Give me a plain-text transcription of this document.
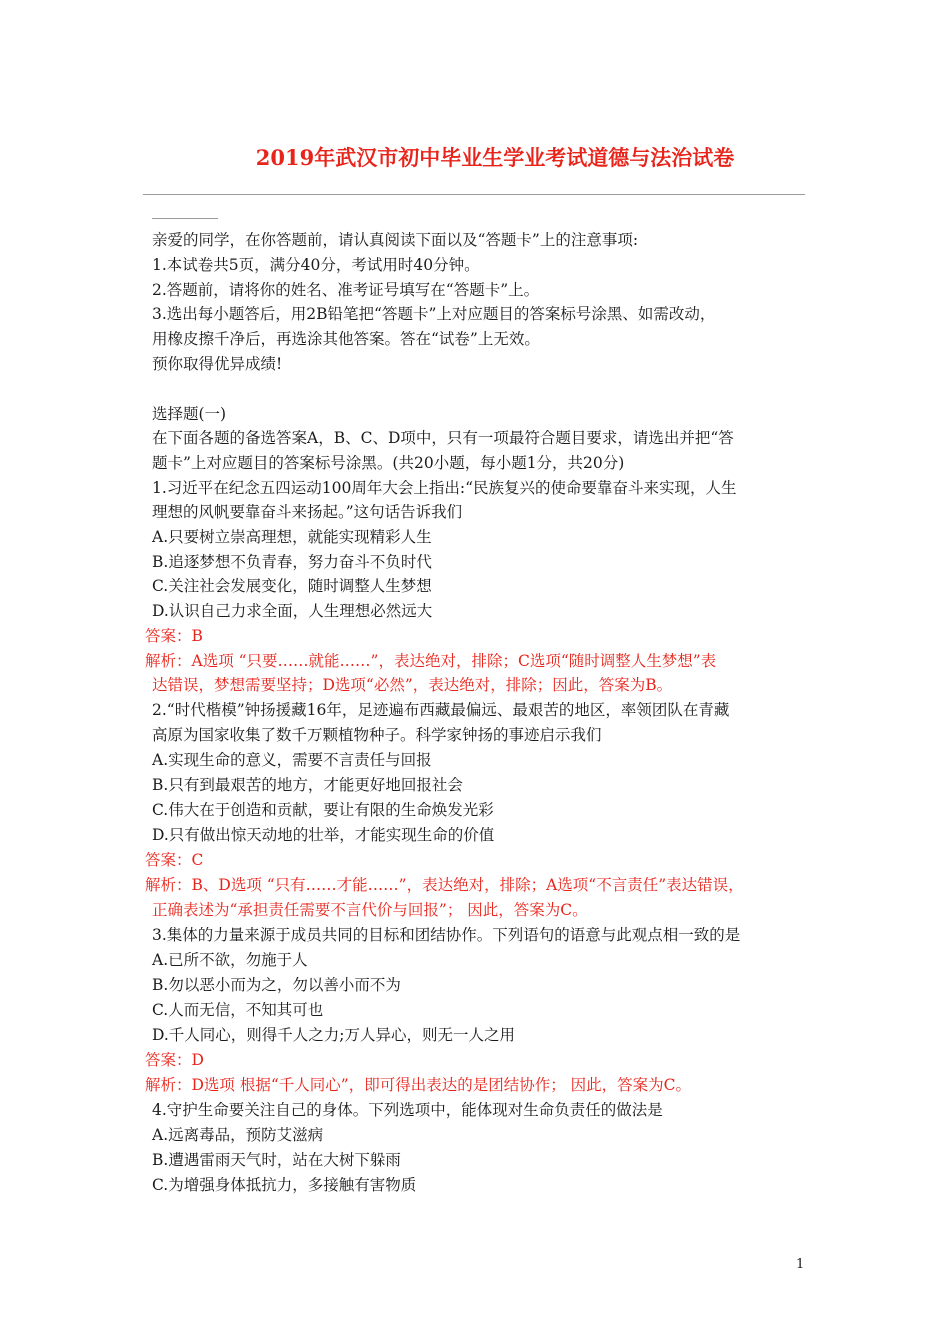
2019年武汉市初中毕业生学业考试道德与法治试卷
亲爱的同学，在你答题前，请认真阅读下面以及“答题卡”上的注意事项:
1.本试卷共5页，满分40分，考试用时40分钟。
2.答题前，请将你的姓名、准考证号填写在“答题卡”上。
3.选出每小题答后，用2B铅笔把“答题卡”上对应题目的答案标号涂黑、如需改动，
用橡皮擦千净后，再选涂其他答案。答在“试卷”上无效。
预你取得优异成绩!
选择题(一)
在下面各题的备选答案A，B、C、D项中，只有一项最符合题目要求，请选出并把“答
题卡”上对应题目的答案标号涂黑。(共20小题，每小题1分，共20分)
1.习近平在纪念五四运动100周年大会上指出:“民族复兴的使命要靠奋斗来实现，人生
理想的风帆要靠奋斗来扬起。”这句话告诉我们
A.只要树立崇高理想，就能实现精彩人生
B.追逐梦想不负青春，努力奋斗不负时代
C.关注社会发展变化，随时调整人生梦想
D.认识自己力求全面，人生理想必然远大
答案：B
解析：A选项 “只要……就能……”，表达绝对，排除；C选项“随时调整人生梦想”表
达错误，梦想需要坚持；D选项“必然”，表达绝对，排除；因此，答案为B。
2.“时代楷模”钟扬援藏16年，足迹遍布西藏最偏远、最艰苦的地区，率领团队在青藏
高原为国家收集了数千万颗植物种子。科学家钟扬的事迹启示我们
A.实现生命的意义，需要不言责任与回报
B.只有到最艰苦的地方，才能更好地回报社会
C.伟大在于创造和贡献，要让有限的生命焕发光彩
D.只有做出惊天动地的壮举，才能实现生命的价值
答案：C
解析：B、D选项 “只有……才能……”，表达绝对，排除；A选项“不言责任”表达错误，
正确表述为“承担责任需要不言代价与回报”； 因此，答案为C。
3.集体的力量来源于成员共同的目标和团结协作。下列语句的语意与此观点相一致的是
A.已所不欲，勿施于人
B.勿以恶小而为之，勿以善小而不为
C.人而无信，不知其可也
D.千人同心，则得千人之力;万人异心，则无一人之用
答案：D
解析：D选项 根据“千人同心”，即可得出表达的是团结协作； 因此，答案为C。
4.守护生命要关注自己的身体。下列选项中，能体现对生命负责任的做法是
A.远离毒品，预防艾滋病
B.遭遇雷雨天气时，站在大树下躲雨
C.为增强身体抵抗力，多接触有害物质
1
